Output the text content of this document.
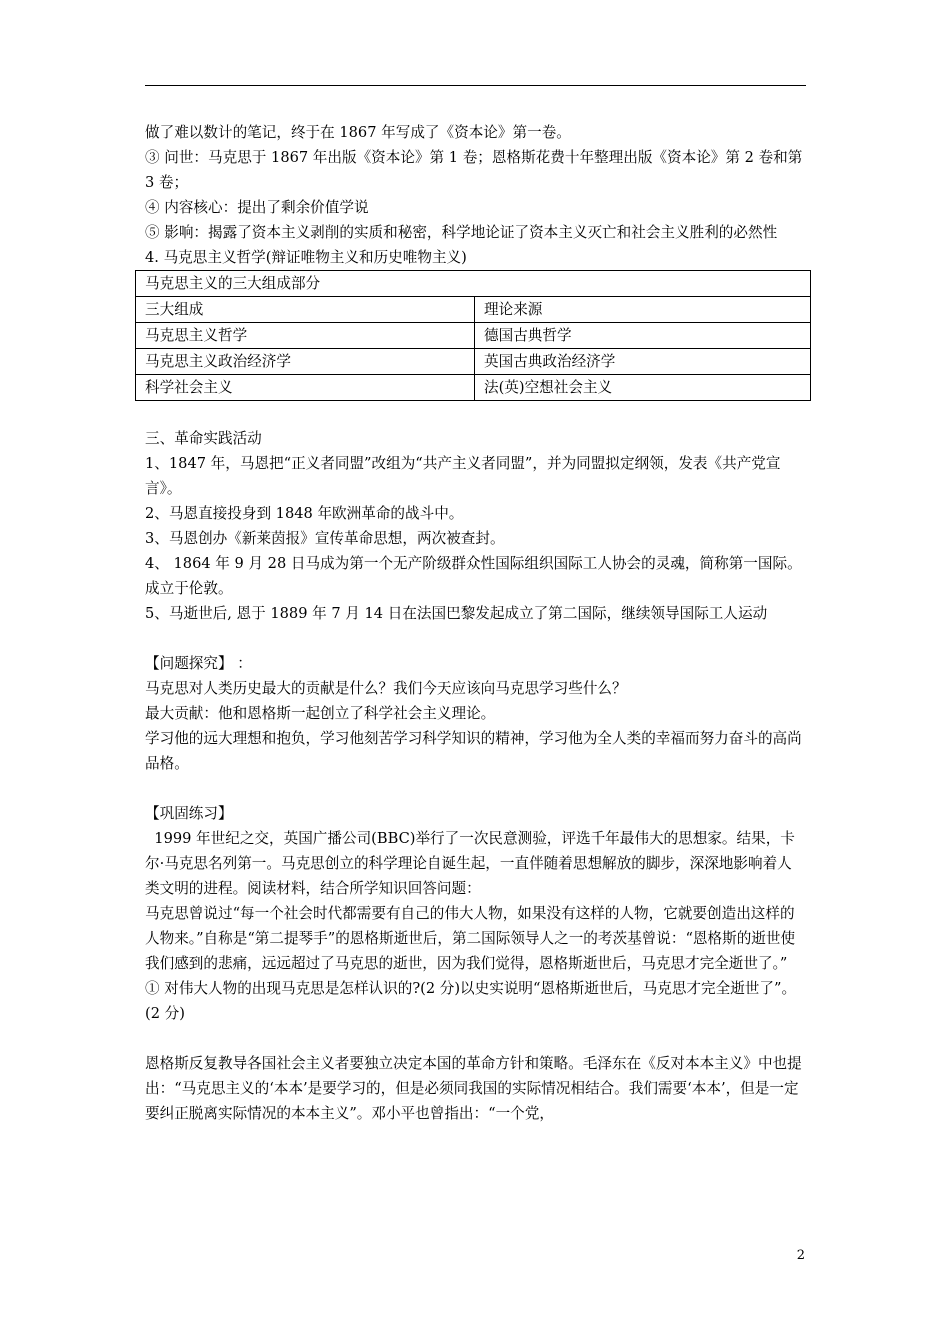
做了难以数计的笔记，终于在 1867 年写成了《资本论》第一卷。

③ 问世：马克思于 1867 年出版《资本论》第 1 卷；恩格斯花费十年整理出版《资本论》第 2 卷和第 3 卷；

④ 内容核心：提出了剩余价值学说

⑤ 影响：揭露了资本主义剥削的实质和秘密，科学地论证了资本主义灭亡和社会主义胜利的必然性

4. 马克思主义哲学(辩证唯物主义和历史唯物主义)

马克思主义的三大组成部分	
三大组成	理论来源
马克思主义哲学	德国古典哲学
马克思主义政治经济学	英国古典政治经济学
科学社会主义	法(英)空想社会主义

三、革命实践活动

1、1847 年，马恩把“正义者同盟”改组为“共产主义者同盟”，并为同盟拟定纲领，发表《共产党宣言》。

2、马恩直接投身到 1848 年欧洲革命的战斗中。

3、马恩创办《新莱茵报》宣传革命思想，两次被查封。

4、 1864 年 9 月 28 日马成为第一个无产阶级群众性国际组织国际工人协会的灵魂，简称第一国际。成立于伦敦。

5、马逝世后, 恩于 1889 年 7 月 14 日在法国巴黎发起成立了第二国际，继续领导国际工人运动

【问题探究】 ：

马克思对人类历史最大的贡献是什么？我们今天应该向马克思学习些什么？

最大贡献：他和恩格斯一起创立了科学社会主义理论。

学习他的远大理想和抱负，学习他刻苦学习科学知识的精神，学习他为全人类的幸福而努力奋斗的高尚品格。

【巩固练习】

1999 年世纪之交，英国广播公司(BBC)举行了一次民意测验，评选千年最伟大的思想家。结果，卡尔·马克思名列第一。马克思创立的科学理论自诞生起，一直伴随着思想解放的脚步，深深地影响着人类文明的进程。阅读材料，结合所学知识回答问题：

马克思曾说过“每一个社会时代都需要有自己的伟大人物，如果没有这样的人物，它就要创造出这样的人物来。”自称是“第二提琴手”的恩格斯逝世后，第二国际领导人之一的考茨基曾说：“恩格斯的逝世使我们感到的悲痛，远远超过了马克思的逝世，因为我们觉得，恩格斯逝世后，马克思才完全逝世了。”

① 对伟大人物的出现马克思是怎样认识的?(2 分)以史实说明“恩格斯逝世后，马克思才完全逝世了”。(2 分)

恩格斯反复教导各国社会主义者要独立决定本国的革命方针和策略。毛泽东在《反对本本主义》中也提出：“马克思主义的‘本本’是要学习的，但是必须同我国的实际情况相结合。我们需要‘本本’，但是一定要纠正脱离实际情况的本本主义”。邓小平也曾指出：“一个党，

2
